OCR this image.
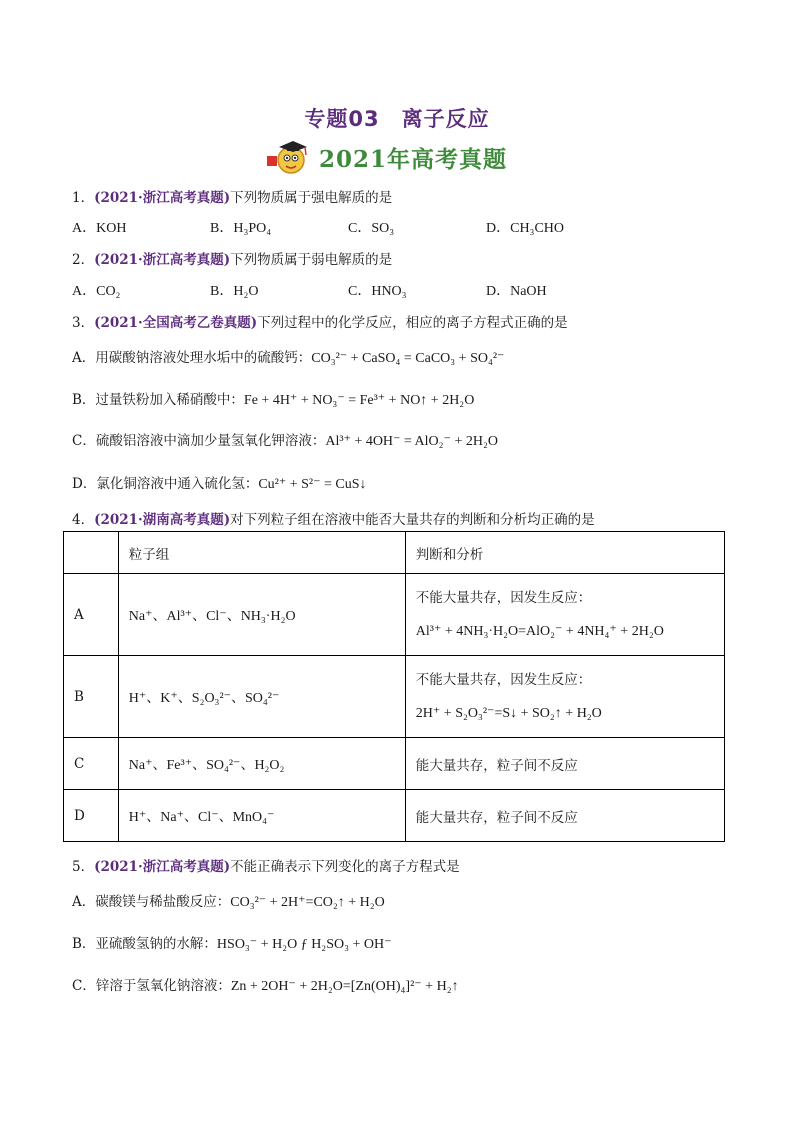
专题03　离子反应
2021年高考真题
1．(2021·浙江高考真题)下列物质属于强电解质的是
A．KOH	B．H₃PO₄	C．SO₃	D．CH₃CHO
2．(2021·浙江高考真题)下列物质属于弱电解质的是
A．CO₂	B．H₂O	C．HNO₃	D．NaOH
3．(2021·全国高考乙卷真题)下列过程中的化学反应，相应的离子方程式正确的是
A．用碳酸钠溶液处理水垢中的硫酸钙：CO₃²⁻ + CaSO₄ = CaCO₃ + SO₄²⁻
B．过量铁粉加入稀硝酸中：Fe + 4H⁺ + NO₃⁻ = Fe³⁺ + NO↑ + 2H₂O
C．硫酸铝溶液中滴加少量氢氧化钾溶液：Al³⁺ + 4OH⁻ = AlO₂⁻ + 2H₂O
D．氯化铜溶液中通入硫化氢：Cu²⁺ + S²⁻ = CuS↓
4．(2021·湖南高考真题)对下列粒子组在溶液中能否大量共存的判断和分析均正确的是
	粒子组	判断和分析
A	Na⁺、Al³⁺、Cl⁻、NH₃·H₂O	不能大量共存，因发生反应：
Al³⁺ + 4NH₃·H₂O=AlO₂⁻ + 4NH₄⁺ + 2H₂O

B	H⁺、K⁺、S₂O₃²⁻、SO₄²⁻	不能大量共存，因发生反应：
2H⁺ + S₂O₃²⁻=S↓ + SO₂↑ + H₂O

C	Na⁺、Fe³⁺、SO₄²⁻、H₂O₂	能大量共存，粒子间不反应
D	H⁺、Na⁺、Cl⁻、MnO₄⁻	能大量共存，粒子间不反应
5．(2021·浙江高考真题)不能正确表示下列变化的离子方程式是
A．碳酸镁与稀盐酸反应：CO₃²⁻ + 2H⁺=CO₂↑ + H₂O
B．亚硫酸氢钠的水解：HSO₃⁻ + H₂O ƒ H₂SO₃ + OH⁻
C．锌溶于氢氧化钠溶液：Zn + 2OH⁻ + 2H₂O=[Zn(OH)₄]²⁻ + H₂↑
